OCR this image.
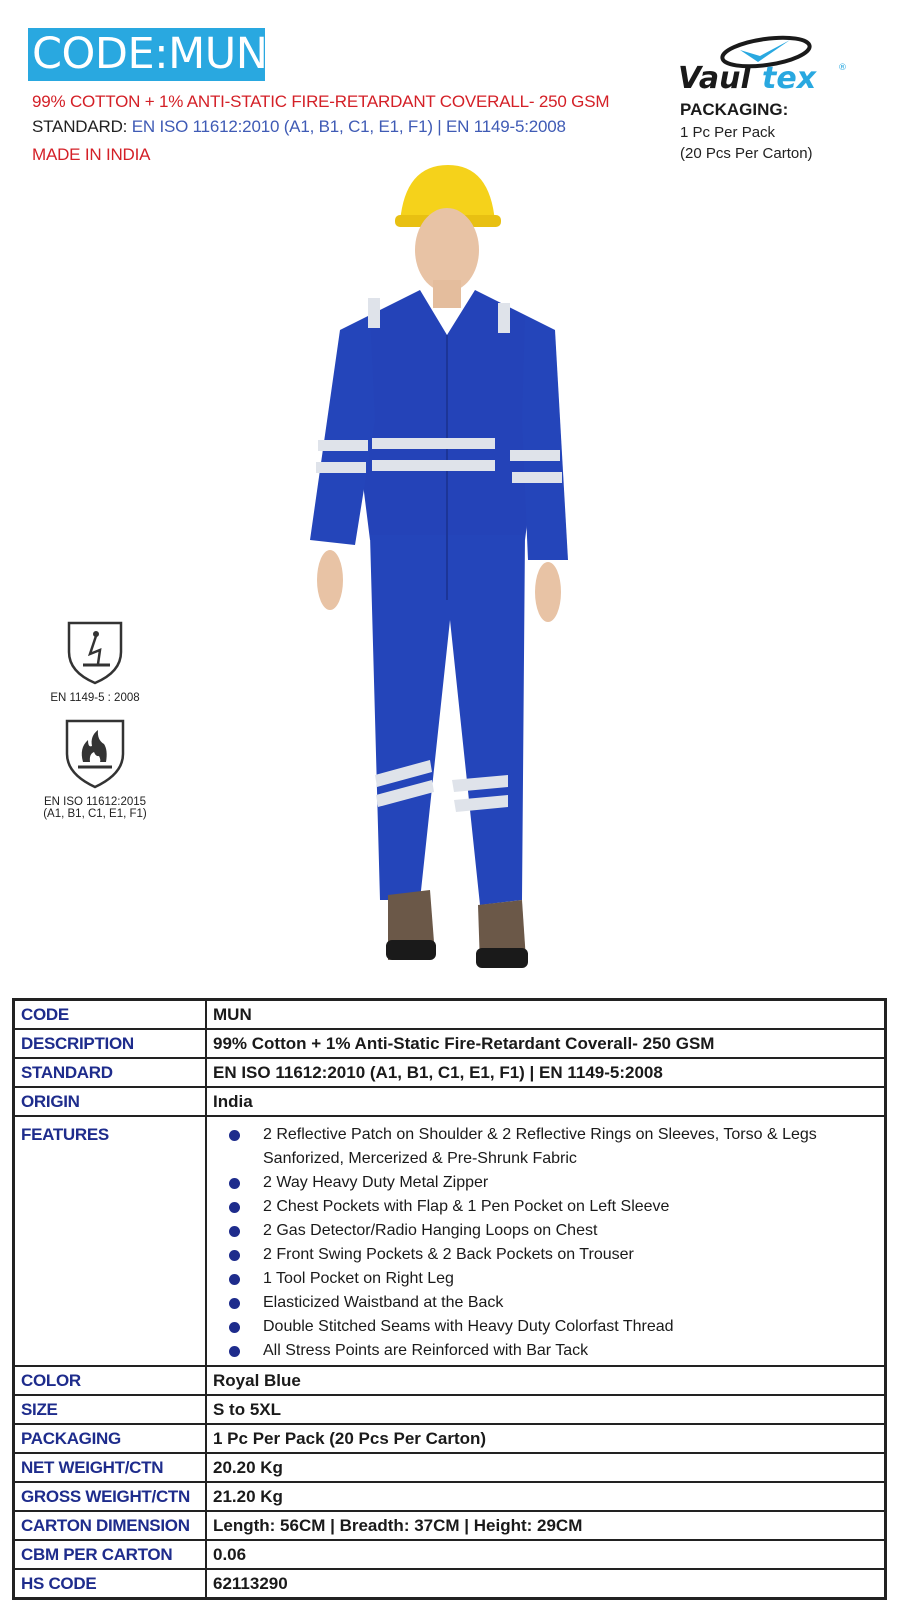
CODE:MUN
99% COTTON + 1% ANTI-STATIC FIRE-RETARDANT COVERALL- 250 GSM
STANDARD: EN ISO 11612:2010 (A1, B1, C1, E1, F1) | EN 1149-5:2008
MADE IN INDIA
Vaul tex ®
PACKAGING:
1 Pc Per Pack
(20 Pcs Per Carton)
EN 1149-5 : 2008
EN ISO 11612:2015
(A1, B1, C1, E1, F1)
CODE	MUN
DESCRIPTION	99% Cotton + 1% Anti-Static Fire-Retardant Coverall- 250 GSM
STANDARD	EN ISO 11612:2010 (A1, B1, C1, E1, F1) | EN 1149-5:2008
ORIGIN	India
FEATURES	2 Reflective Patch on Shoulder & 2 Reflective Rings on Sleeves, Torso & Legs
Sanforized, Mercerized & Pre-Shrunk Fabric
2 Way Heavy Duty Metal Zipper
2 Chest Pockets with Flap & 1 Pen Pocket on Left Sleeve
2 Gas Detector/Radio Hanging Loops on Chest
2 Front Swing Pockets & 2 Back Pockets on Trouser
1 Tool Pocket on Right Leg
Elasticized Waistband at the Back
Double Stitched Seams with Heavy Duty Colorfast Thread
All Stress Points are Reinforced with Bar Tack

COLOR	Royal Blue
SIZE	S to 5XL
PACKAGING	1 Pc Per Pack (20 Pcs Per Carton)
NET WEIGHT/CTN	20.20 Kg
GROSS WEIGHT/CTN	21.20 Kg
CARTON DIMENSION	Length: 56CM | Breadth: 37CM | Height: 29CM
CBM PER CARTON	0.06
HS CODE	62113290
